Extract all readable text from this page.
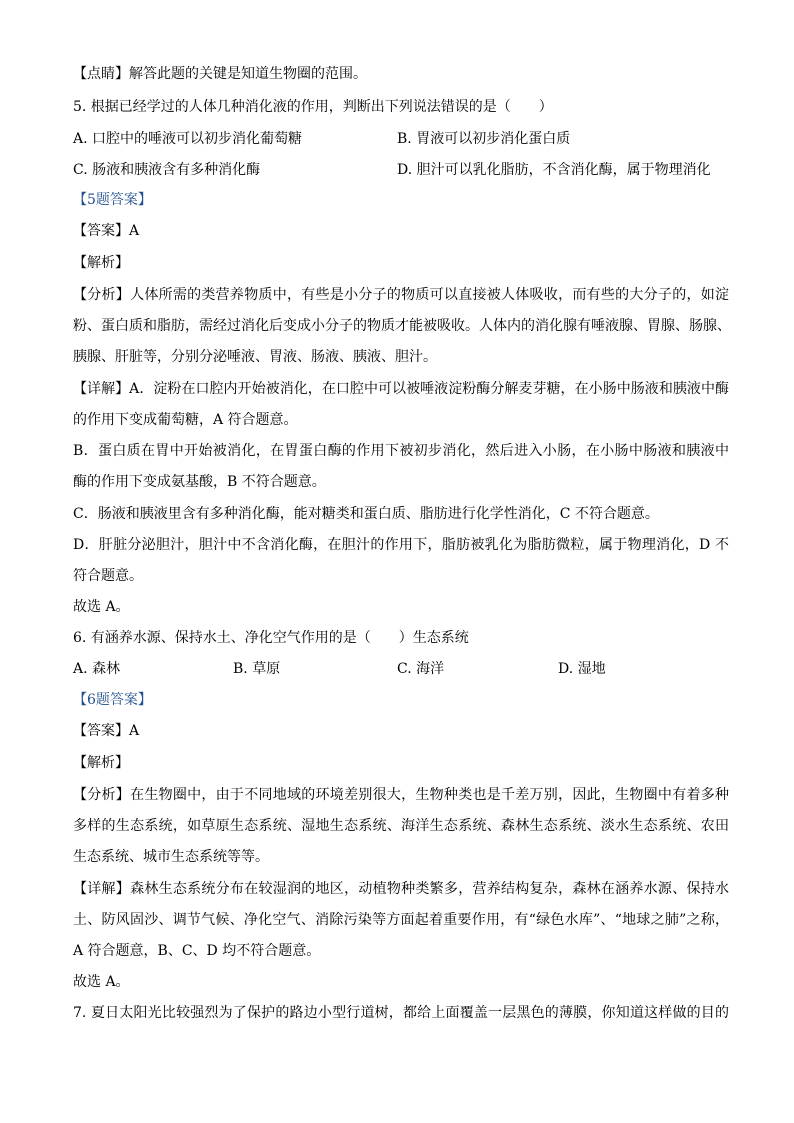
【点睛】解答此题的关键是知道生物圈的范围。
5. 根据已经学过的人体几种消化液的作用，判断出下列说法错误的是（　　）
A. 口腔中的唾液可以初步消化葡萄糖	B. 胃液可以初步消化蛋白质
C. 肠液和胰液含有多种消化酶	D. 胆汁可以乳化脂肪，不含消化酶，属于物理消化
【5题答案】
【答案】A
【解析】
【分析】人体所需的类营养物质中，有些是小分子的物质可以直接被人体吸收，而有些的大分子的，如淀
粉、蛋白质和脂肪，需经过消化后变成小分子的物质才能被吸收。人体内的消化腺有唾液腺、胃腺、肠腺、
胰腺、肝脏等，分别分泌唾液、胃液、肠液、胰液、胆汁。
【详解】A．淀粉在口腔内开始被消化，在口腔中可以被唾液淀粉酶分解麦芽糖，在小肠中肠液和胰液中酶
的作用下变成葡萄糖，A 符合题意。
B．蛋白质在胃中开始被消化，在胃蛋白酶的作用下被初步消化，然后进入小肠，在小肠中肠液和胰液中
酶的作用下变成氨基酸，B 不符合题意。
C．肠液和胰液里含有多种消化酶，能对糖类和蛋白质、脂肪进行化学性消化，C 不符合题意。
D．肝脏分泌胆汁，胆汁中不含消化酶，在胆汁的作用下，脂肪被乳化为脂肪微粒，属于物理消化，D 不
符合题意。
故选 A。
6. 有涵养水源、保持水土、净化空气作用的是（　　）生态系统
A. 森林	B. 草原	C. 海洋	D. 湿地
【6题答案】
【答案】A
【解析】
【分析】在生物圈中，由于不同地域的环境差别很大，生物种类也是千差万别，因此，生物圈中有着多种
多样的生态系统，如草原生态系统、湿地生态系统、海洋生态系统、森林生态系统、淡水生态系统、农田
生态系统、城市生态系统等等。
【详解】森林生态系统分布在较湿润的地区，动植物种类繁多，营养结构复杂，森林在涵养水源、保持水
土、防风固沙、调节气候、净化空气、消除污染等方面起着重要作用，有“绿色水库”、“地球之肺”之称，
A 符合题意，B、C、D 均不符合题意。
故选 A。
7. 夏日太阳光比较强烈为了保护的路边小型行道树，都给上面覆盖一层黑色的薄膜，你知道这样做的目的
